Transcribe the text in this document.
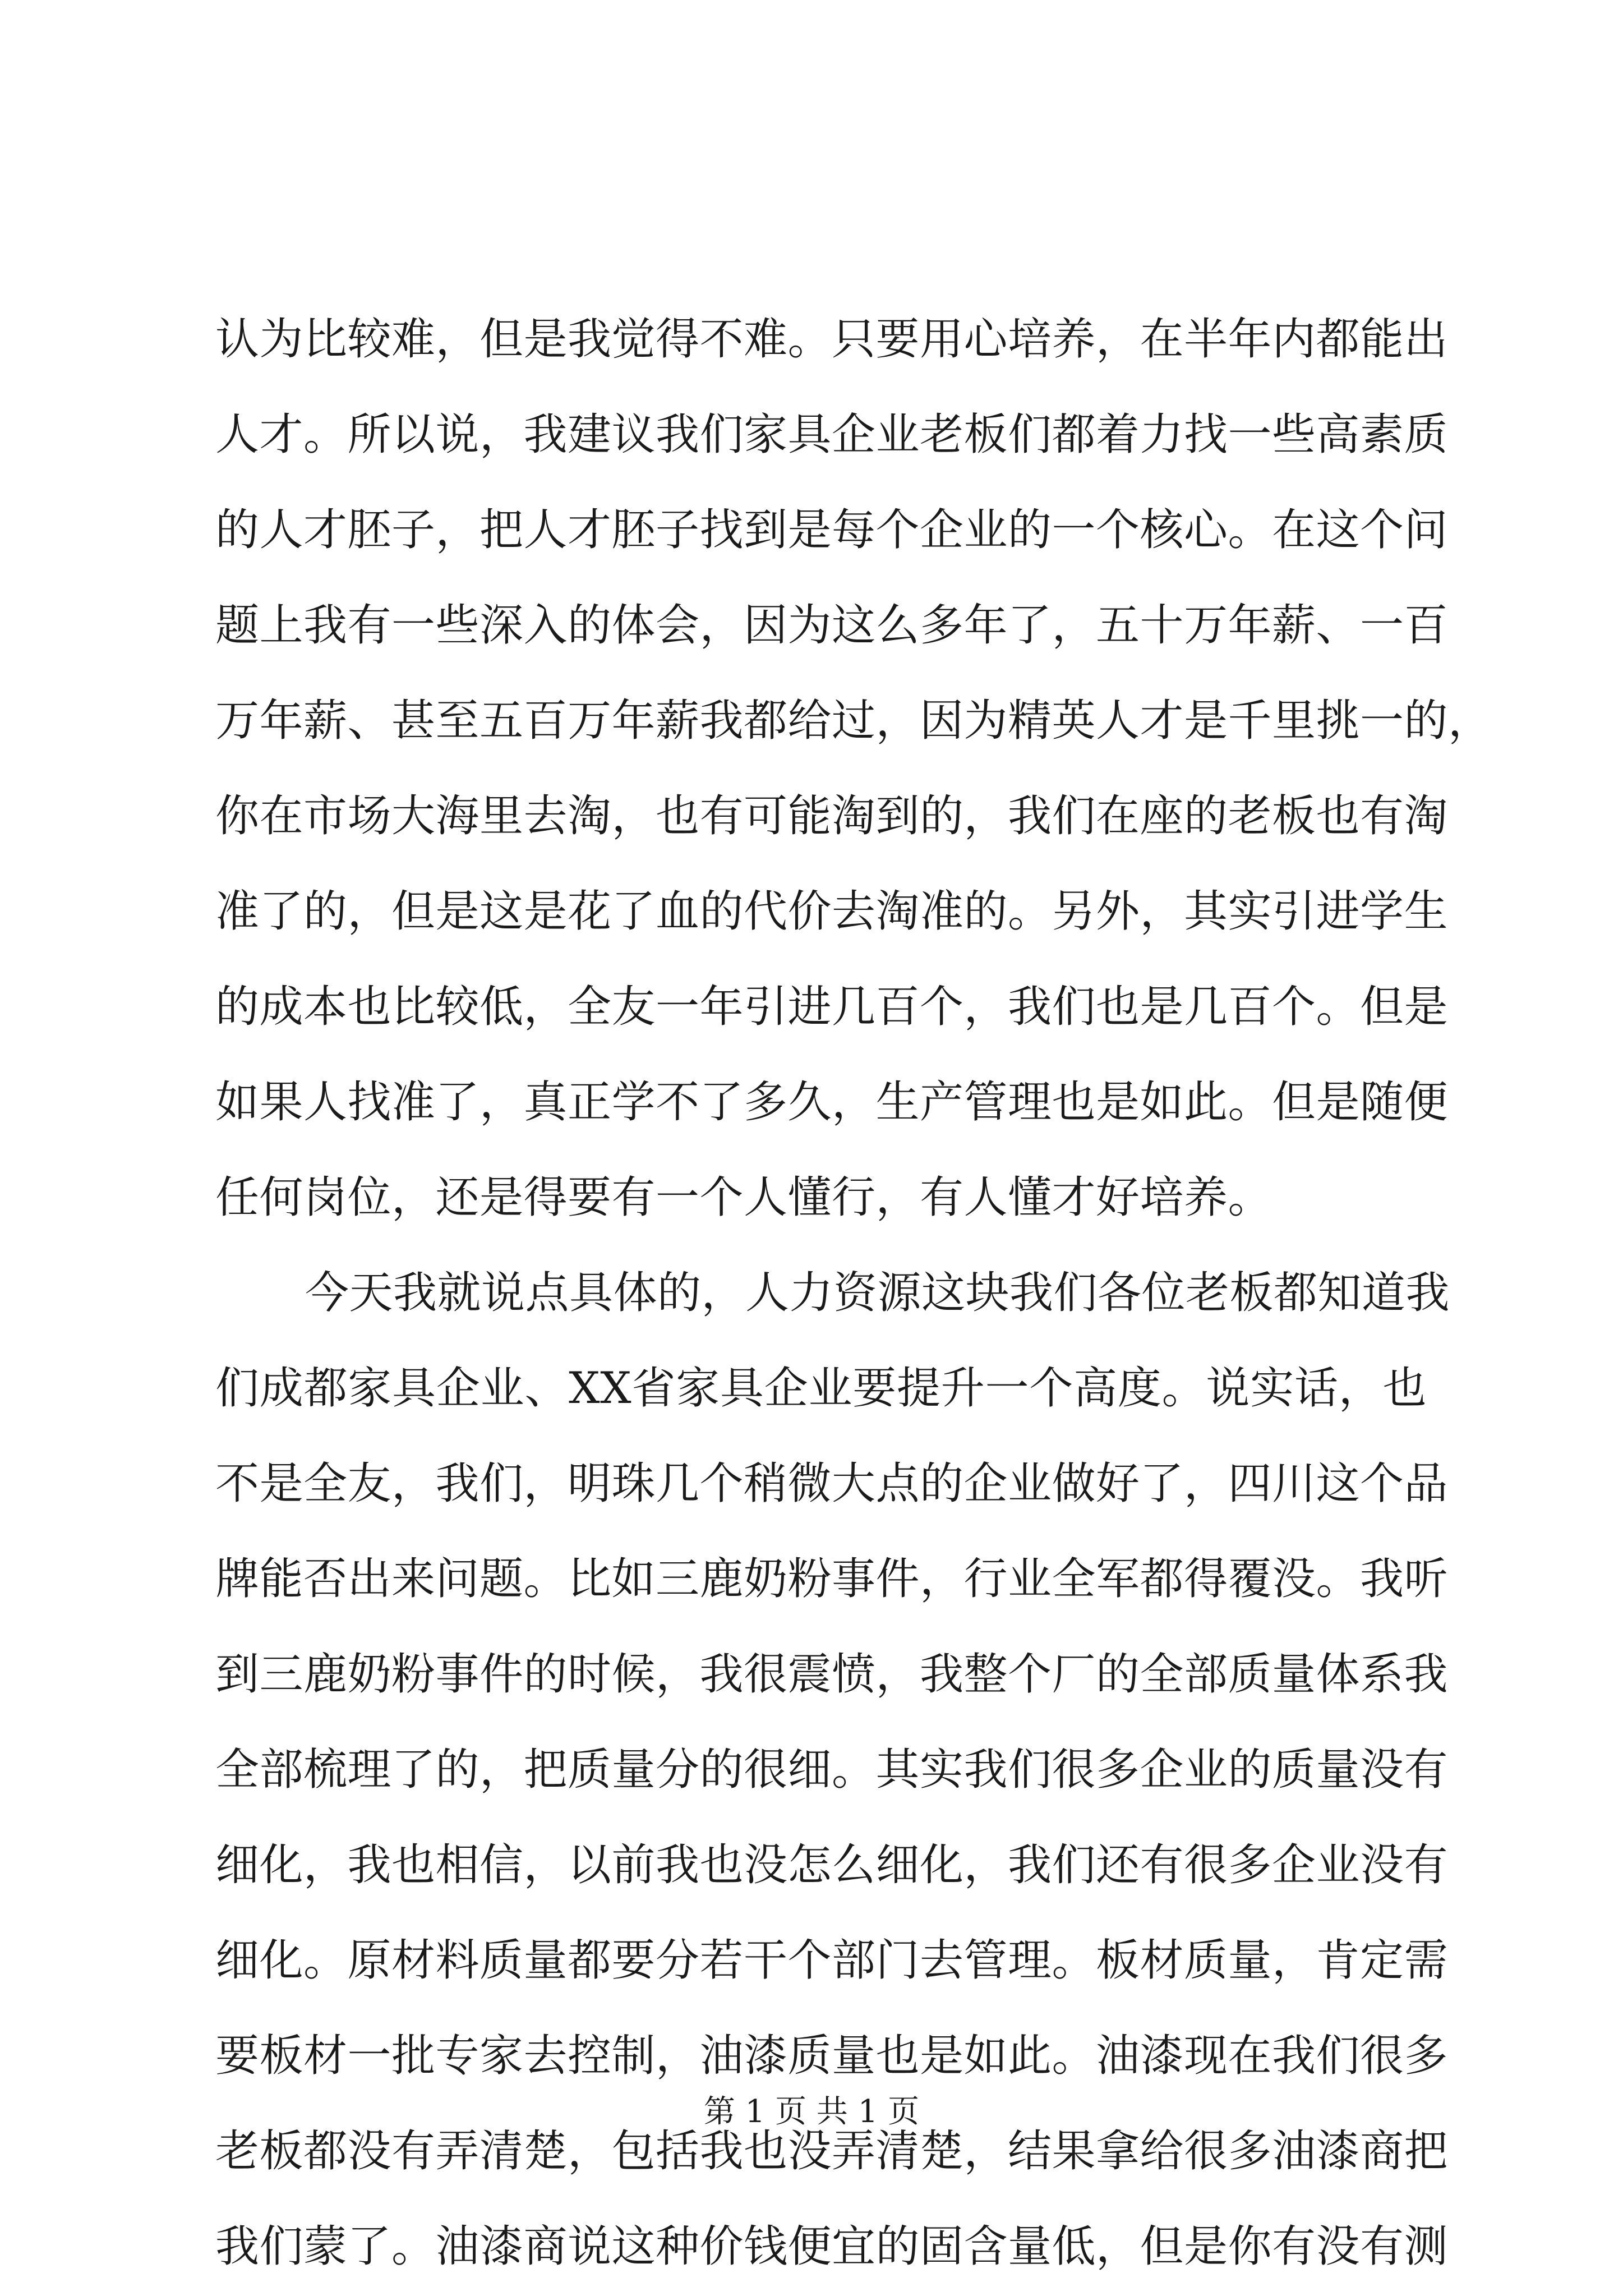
认为比较难，但是我觉得不难。只要用心培养，在半年内都能出
人才。所以说，我建议我们家具企业老板们都着力找一些高素质
的人才胚子，把人才胚子找到是每个企业的一个核心。在这个问
题上我有一些深入的体会，因为这么多年了，五十万年薪、一百
万年薪、甚至五百万年薪我都给过，因为精英人才是千里挑一的，
你在市场大海里去淘，也有可能淘到的，我们在座的老板也有淘
准了的，但是这是花了血的代价去淘准的。另外，其实引进学生
的成本也比较低，全友一年引进几百个，我们也是几百个。但是
如果人找准了，真正学不了多久，生产管理也是如此。但是随便
任何岗位，还是得要有一个人懂行，有人懂才好培养。
今天我就说点具体的，人力资源这块我们各位老板都知道我
们成都家具企业、XX省家具企业要提升一个高度。说实话，也
不是全友，我们，明珠几个稍微大点的企业做好了，四川这个品
牌能否出来问题。比如三鹿奶粉事件，行业全军都得覆没。我听
到三鹿奶粉事件的时候，我很震愤，我整个厂的全部质量体系我
全部梳理了的，把质量分的很细。其实我们很多企业的质量没有
细化，我也相信，以前我也没怎么细化，我们还有很多企业没有
细化。原材料质量都要分若干个部门去管理。板材质量，肯定需
要板材一批专家去控制，油漆质量也是如此。油漆现在我们很多
老板都没有弄清楚，包括我也没弄清楚，结果拿给很多油漆商把
我们蒙了。油漆商说这种价钱便宜的固含量低，但是你有没有测
第 1 页 共 1 页
